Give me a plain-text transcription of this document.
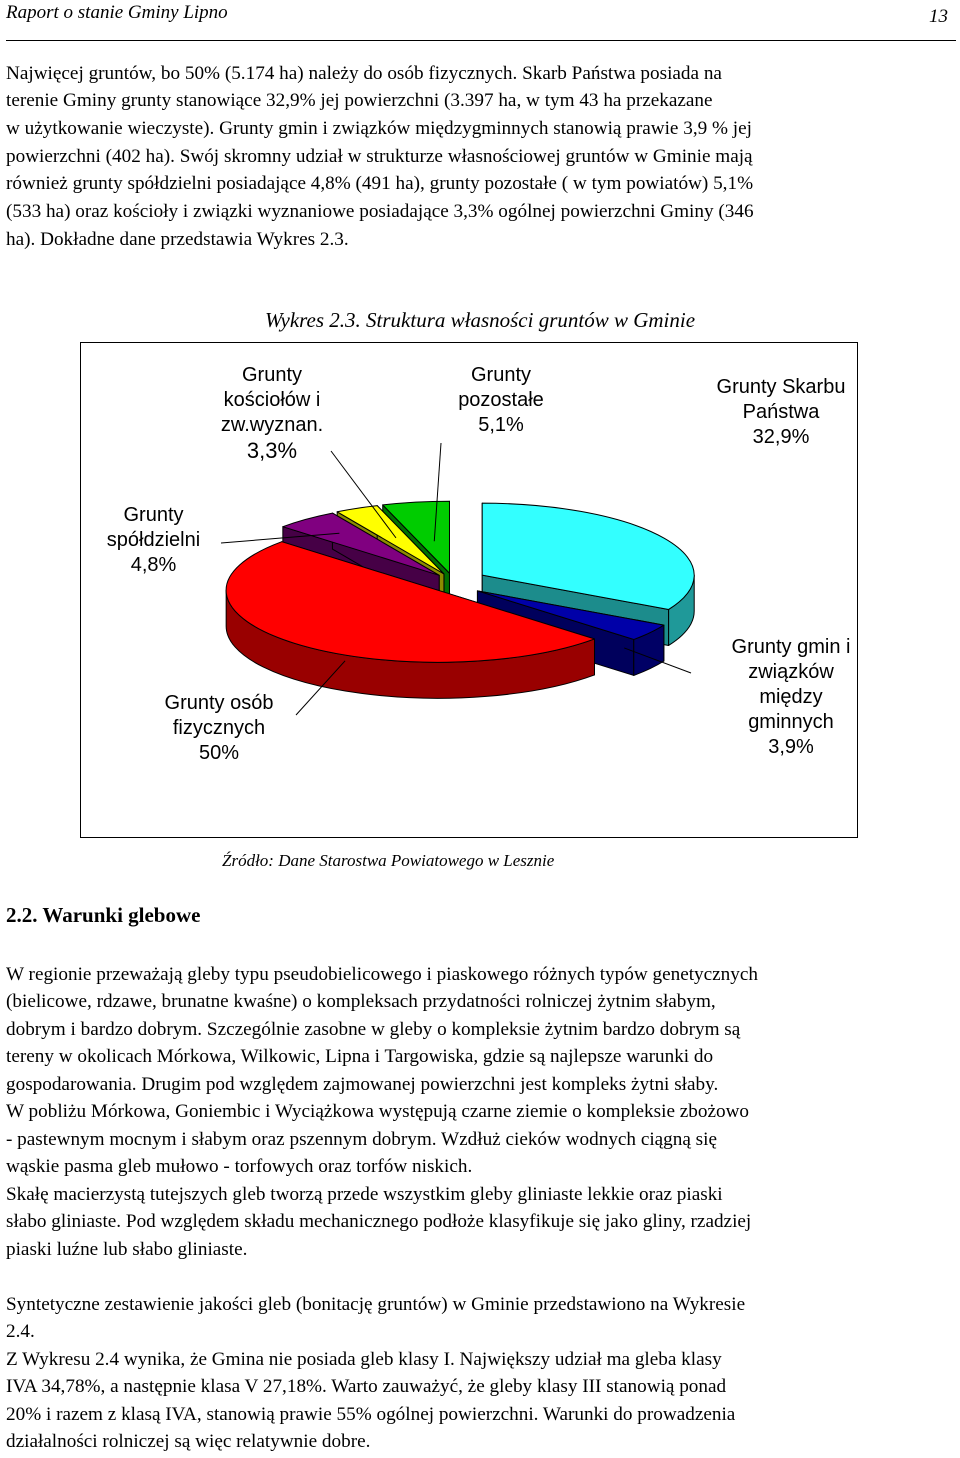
Raport o stanie Gminy Lipno	13
Najwięcej gruntów, bo 50% (5.174 ha) należy do osób fizycznych. Skarb Państwa posiada na
terenie Gminy grunty stanowiące 32,9% jej powierzchni (3.397 ha, w tym 43 ha przekazane
w użytkowanie wieczyste). Grunty gmin i związków międzygminnych stanowią prawie 3,9 % jej
powierzchni (402 ha). Swój skromny udział w strukturze własnościowej gruntów w Gminie mają
również grunty spółdzielni posiadające 4,8% (491 ha), grunty pozostałe ( w tym powiatów) 5,1%
(533 ha) oraz kościoły i związki wyznaniowe posiadające 3,3% ogólnej powierzchni Gminy (346
ha). Dokładne dane przedstawia Wykres 2.3.
Wykres 2.3. Struktura własności gruntów w Gminie
Grunty
kościołów i
zw.wyznan.
3,3%
Grunty
pozostałe
5,1%
Grunty Skarbu
Państwa
32,9%
Grunty
spółdzielni
4,8%
Grunty osób
fizycznych
50%
Grunty gmin i
związków
między
gminnych
3,9%
Źródło: Dane Starostwa Powiatowego w Lesznie
2.2. Warunki glebowe
W regionie przeważają gleby typu pseudobielicowego i piaskowego różnych typów genetycznych
(bielicowe, rdzawe, brunatne kwaśne) o kompleksach przydatności rolniczej żytnim słabym,
dobrym i bardzo dobrym. Szczególnie zasobne w gleby o kompleksie żytnim bardzo dobrym są
tereny w okolicach Mórkowa, Wilkowic, Lipna i Targowiska, gdzie są najlepsze warunki do
gospodarowania. Drugim pod względem zajmowanej powierzchni jest kompleks żytni słaby.
W pobliżu Mórkowa, Goniembic i Wyciążkowa występują czarne ziemie o kompleksie zbożowo
- pastewnym mocnym i słabym oraz pszennym dobrym. Wzdłuż cieków wodnych ciągną się
wąskie pasma gleb mułowo - torfowych oraz torfów niskich.
Skałę macierzystą tutejszych gleb tworzą przede wszystkim gleby gliniaste lekkie oraz piaski
słabo gliniaste. Pod względem składu mechanicznego podłoże klasyfikuje się jako gliny, rzadziej
piaski luźne lub słabo gliniaste.
Syntetyczne zestawienie jakości gleb (bonitację gruntów) w Gminie przedstawiono na Wykresie
2.4.
Z Wykresu 2.4 wynika, że Gmina nie posiada gleb klasy I. Największy udział ma gleba klasy
IVA 34,78%, a następnie klasa V 27,18%. Warto zauważyć, że gleby klasy III stanowią ponad
20% i razem z klasą IVA, stanowią prawie 55% ogólnej powierzchni. Warunki do prowadzenia
działalności rolniczej są więc relatywnie dobre.
